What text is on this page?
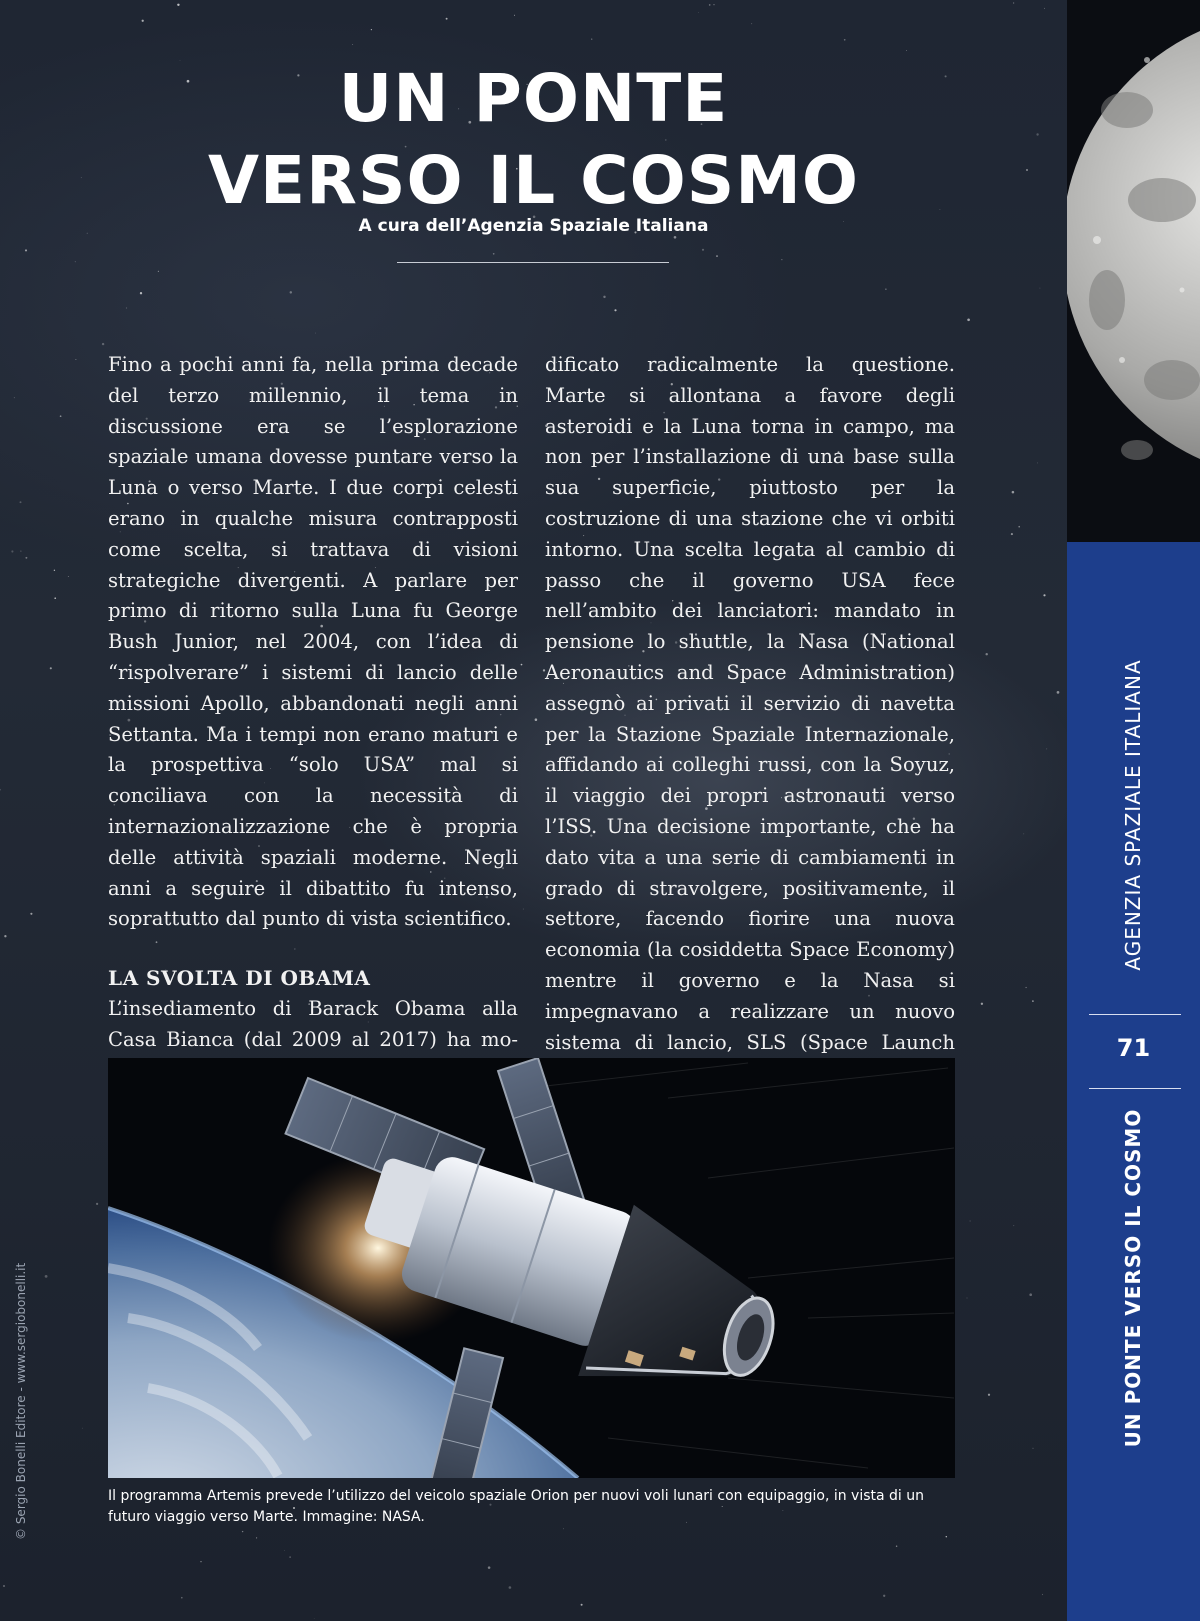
UN PONTE
VERSO IL COSMO
A cura dell’Agenzia Spaziale Italiana

Fino a pochi anni fa, nella prima decade del terzo millennio, il tema in discussione era se l’esplorazione spaziale umana dovesse puntare verso la Luna o verso Marte. I due corpi celesti erano in qualche misura contrapposti come scelta, si trattava di visioni strategiche divergenti. A parlare per primo di ritorno sulla Luna fu George Bush Junior, nel 2004, con l’idea di “rispolverare” i sistemi di lancio delle missioni Apollo, abbandonati negli anni Settanta. Ma i tempi non erano maturi e la prospettiva “solo USA” mal si conciliava con la necessità di internazionalizzazione che è propria delle attività spaziali moderne. Negli anni a seguire il dibattito fu intenso, soprattutto dal punto di vista scientifico.

LA SVOLTA DI OBAMA

L’insediamento di Barack Obama alla Casa Bianca (dal 2009 al 2017) ha mo-

dificato radicalmente la questione. Marte si allontana a favore degli asteroidi e la Luna torna in campo, ma non per l’installazione di una base sulla sua superficie, piuttosto per la costruzione di una stazione che vi orbiti intorno. Una scelta legata al cambio di passo che il governo USA fece nell’ambito dei lanciatori: mandato in pensione lo shuttle, la Nasa (National Aeronautics and Space Administration) assegnò ai privati il servizio di navetta per la Stazione Spaziale Internazionale, affidando ai colleghi russi, con la Soyuz, il viaggio dei propri astronauti verso l’ISS. Una decisione importante, che ha dato vita a una serie di cambiamenti in grado di stravolgere, positivamente, il settore, facendo fiorire una nuova economia (la cosiddetta Space Economy) mentre il governo e la Nasa si impegnavano a realizzare un nuovo sistema di lancio, SLS (Space Launch

Il programma Artemis prevede l’utilizzo del veicolo spaziale Orion per nuovi voli lunari con equipaggio, in vista di un futuro viaggio verso Marte. Immagine: NASA.
© Sergio Bonelli Editore - www.sergiobonelli.it
AGENZIA SPAZIALE ITALIANA
71
UN PONTE VERSO IL COSMO
